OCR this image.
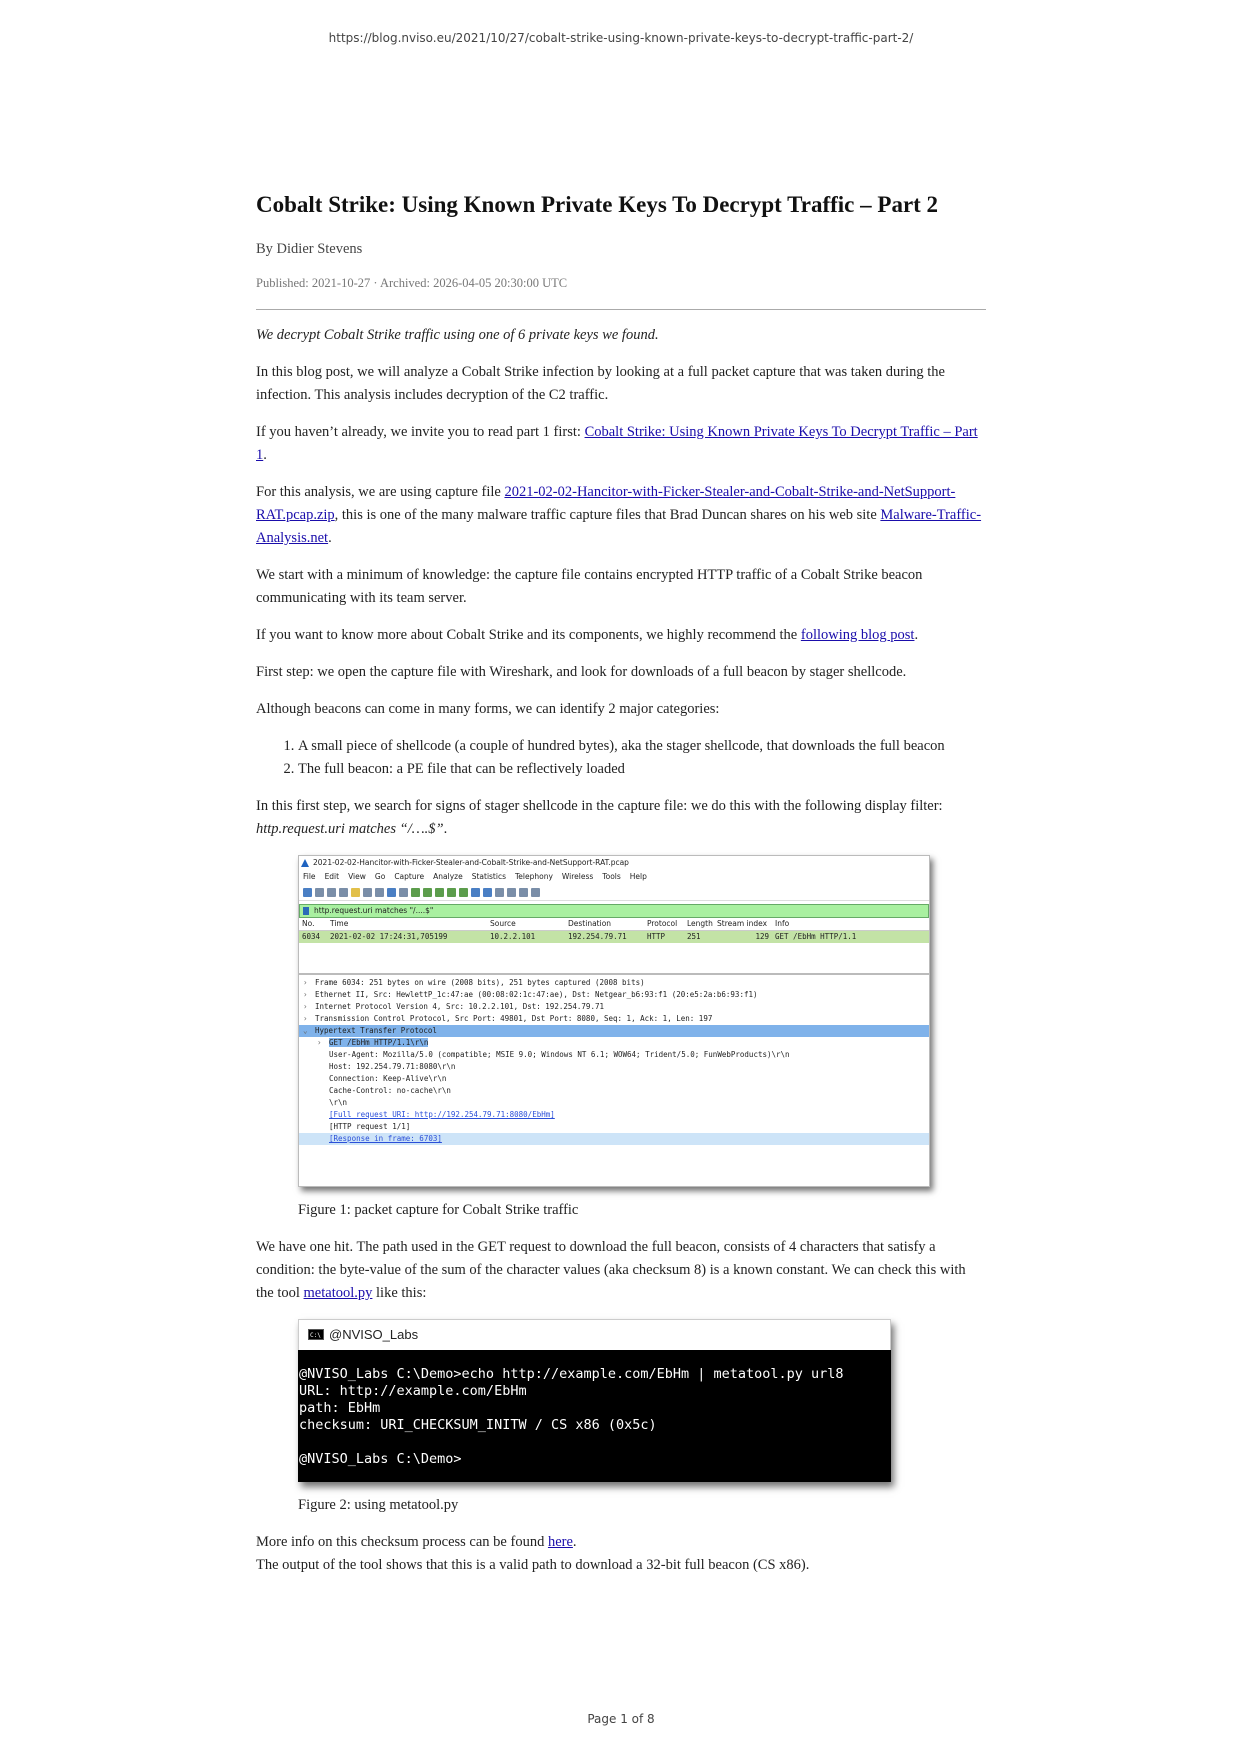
https://blog.nviso.eu/2021/10/27/cobalt-strike-using-known-private-keys-to-decrypt-traffic-part-2/
Cobalt Strike: Using Known Private Keys To Decrypt Traffic – Part 2
By Didier Stevens
Published: 2021-10-27 · Archived: 2026-04-05 20:30:00 UTC

We decrypt Cobalt Strike traffic using one of 6 private keys we found.

In this blog post, we will analyze a Cobalt Strike infection by looking at a full packet capture that was taken during the infection. This analysis includes decryption of the C2 traffic.

If you haven’t already, we invite you to read part 1 first: Cobalt Strike: Using Known Private Keys To Decrypt Traffic – Part 1.

For this analysis, we are using capture file 2021-02-02-Hancitor-with-Ficker-Stealer-and-Cobalt-Strike-and-NetSupport-RAT.pcap.zip, this is one of the many malware traffic capture files that Brad Duncan shares on his web site Malware-Traffic-Analysis.net.

We start with a minimum of knowledge: the capture file contains encrypted HTTP traffic of a Cobalt Strike beacon communicating with its team server.

If you want to know more about Cobalt Strike and its components, we highly recommend the following blog post.

First step: we open the capture file with Wireshark, and look for downloads of a full beacon by stager shellcode.

Although beacons can come in many forms, we can identify 2 major categories:

1. A small piece of shellcode (a couple of hundred bytes), aka the stager shellcode, that downloads the full beacon
2. The full beacon: a PE file that can be reflectively loaded

In this first step, we search for signs of stager shellcode in the capture file: we do this with the following display filter: http.request.uri matches “/….$”.

2021-02-02-Hancitor-with-Ficker-Stealer-and-Cobalt-Strike-and-NetSupport-RAT.pcap
File Edit View Go Capture Analyze Statistics Telephony Wireless Tools Help
http.request.uri matches "/....$"
No.	Time	Source	Destination	Protocol	Length Stream index	Info
6034	2021-02-02 17:24:31,705199	10.2.2.101	192.254.79.71	HTTP	251	129 GET /EbHm HTTP/1.1
› Frame 6034: 251 bytes on wire (2008 bits), 251 bytes captured (2008 bits)
› Ethernet II, Src: HewlettP_1c:47:ae (00:08:02:1c:47:ae), Dst: Netgear_b6:93:f1 (20:e5:2a:b6:93:f1)
› Internet Protocol Version 4, Src: 10.2.2.101, Dst: 192.254.79.71
› Transmission Control Protocol, Src Port: 49801, Dst Port: 8080, Seq: 1, Ack: 1, Len: 197
⌄ Hypertext Transfer Protocol
› GET /EbHm HTTP/1.1\r\n
User-Agent: Mozilla/5.0 (compatible; MSIE 9.0; Windows NT 6.1; WOW64; Trident/5.0; FunWebProducts)\r\n
Host: 192.254.79.71:8080\r\n
Connection: Keep-Alive\r\n
Cache-Control: no-cache\r\n
\r\n
[Full request URI: http://192.254.79.71:8080/EbHm]
[HTTP request 1/1]
[Response in frame: 6703]
Figure 1: packet capture for Cobalt Strike traffic

We have one hit. The path used in the GET request to download the full beacon, consists of 4 characters that satisfy a condition: the byte-value of the sum of the character values (aka checksum 8) is a known constant. We can check this with the tool metatool.py like this:

C:\ @NVISO_Labs
@NVISO_Labs C:\Demo>echo http://example.com/EbHm | metatool.py url8
URL: http://example.com/EbHm
path: EbHm
checksum: URI_CHECKSUM_INITW / CS x86 (0x5c)
@NVISO_Labs C:\Demo>
Figure 2: using metatool.py

More info on this checksum process can be found here.

The output of the tool shows that this is a valid path to download a 32-bit full beacon (CS x86).

Page 1 of 8
